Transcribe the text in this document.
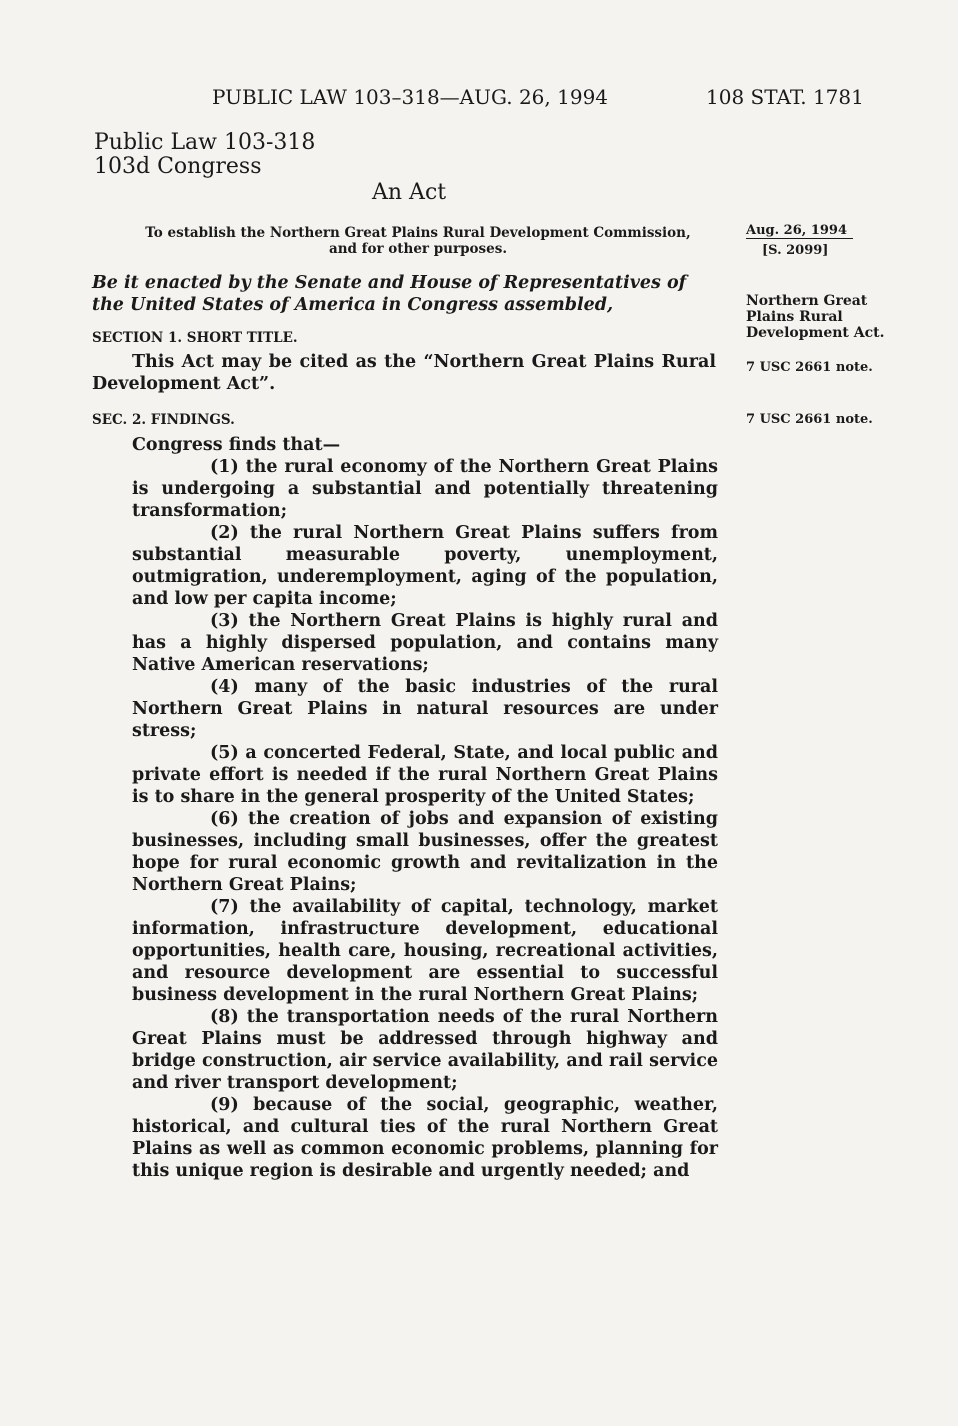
PUBLIC LAW 103–318—AUG. 26, 1994	108 STAT. 1781
Public Law 103-318
103d Congress
An Act
To establish the Northern Great Plains Rural Development Commission, and for other purposes.
Aug. 26, 1994
[S. 2099]
Be it enacted by the Senate and House of Representatives of the United States of America in Congress assembled,	Northern Great Plains Rural Development Act.
7 USC 2661 note.
7 USC 2661 note.
SECTION 1. SHORT TITLE.
This Act may be cited as the “Northern Great Plains Rural Development Act”.
SEC. 2. FINDINGS.
Congress finds that—
(1) the rural economy of the Northern Great Plains is undergoing a substantial and potentially threatening transformation;
(2) the rural Northern Great Plains suffers from substantial measurable poverty, unemployment, outmigration, underemployment, aging of the population, and low per capita income;
(3) the Northern Great Plains is highly rural and has a highly dispersed population, and contains many Native American reservations;
(4) many of the basic industries of the rural Northern Great Plains in natural resources are under stress;
(5) a concerted Federal, State, and local public and private effort is needed if the rural Northern Great Plains is to share in the general prosperity of the United States;
(6) the creation of jobs and expansion of existing businesses, including small businesses, offer the greatest hope for rural economic growth and revitalization in the Northern Great Plains;
(7) the availability of capital, technology, market information, infrastructure development, educational opportunities, health care, housing, recreational activities, and resource development are essential to successful business development in the rural Northern Great Plains;
(8) the transportation needs of the rural Northern Great Plains must be addressed through highway and bridge construction, air service availability, and rail service and river transport development;
(9) because of the social, geographic, weather, historical, and cultural ties of the rural Northern Great Plains as well as common economic problems, planning for this unique region is desirable and urgently needed; and
